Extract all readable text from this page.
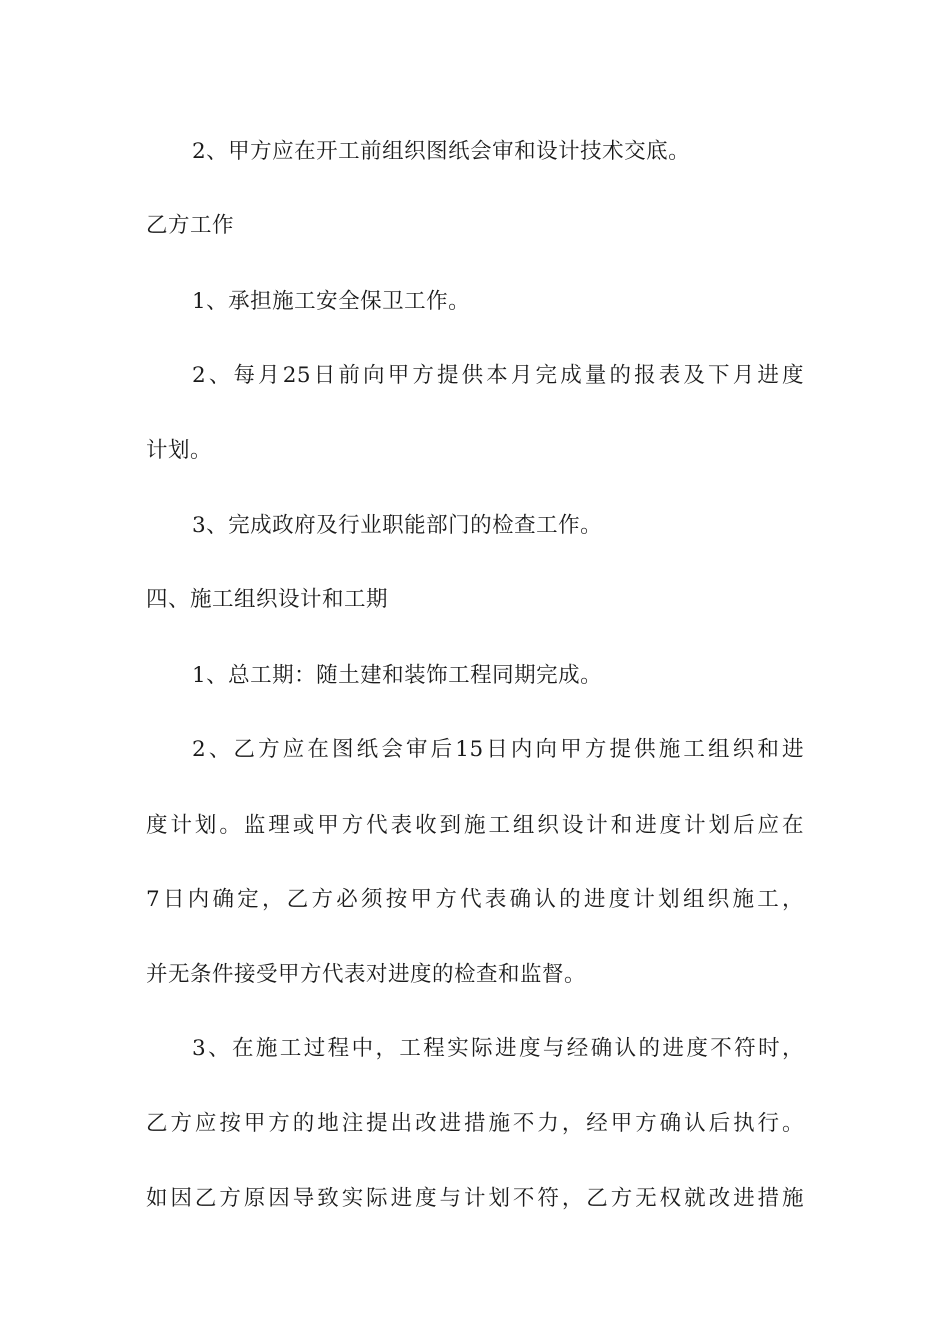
2、甲方应在开工前组织图纸会审和设计技术交底。
乙方工作
1、承担施工安全保卫工作。
2、每月25日前向甲方提供本月完成量的报表及下月进度
计划。
3、完成政府及行业职能部门的检查工作。
四、施工组织设计和工期
1、总工期：随土建和装饰工程同期完成。
2、乙方应在图纸会审后15日内向甲方提供施工组织和进
度计划。监理或甲方代表收到施工组织设计和进度计划后应在
7日内确定，乙方必须按甲方代表确认的进度计划组织施工，
并无条件接受甲方代表对进度的检查和监督。
3、在施工过程中，工程实际进度与经确认的进度不符时，
乙方应按甲方的地注提出改进措施不力，经甲方确认后执行。
如因乙方原因导致实际进度与计划不符，乙方无权就改进措施
